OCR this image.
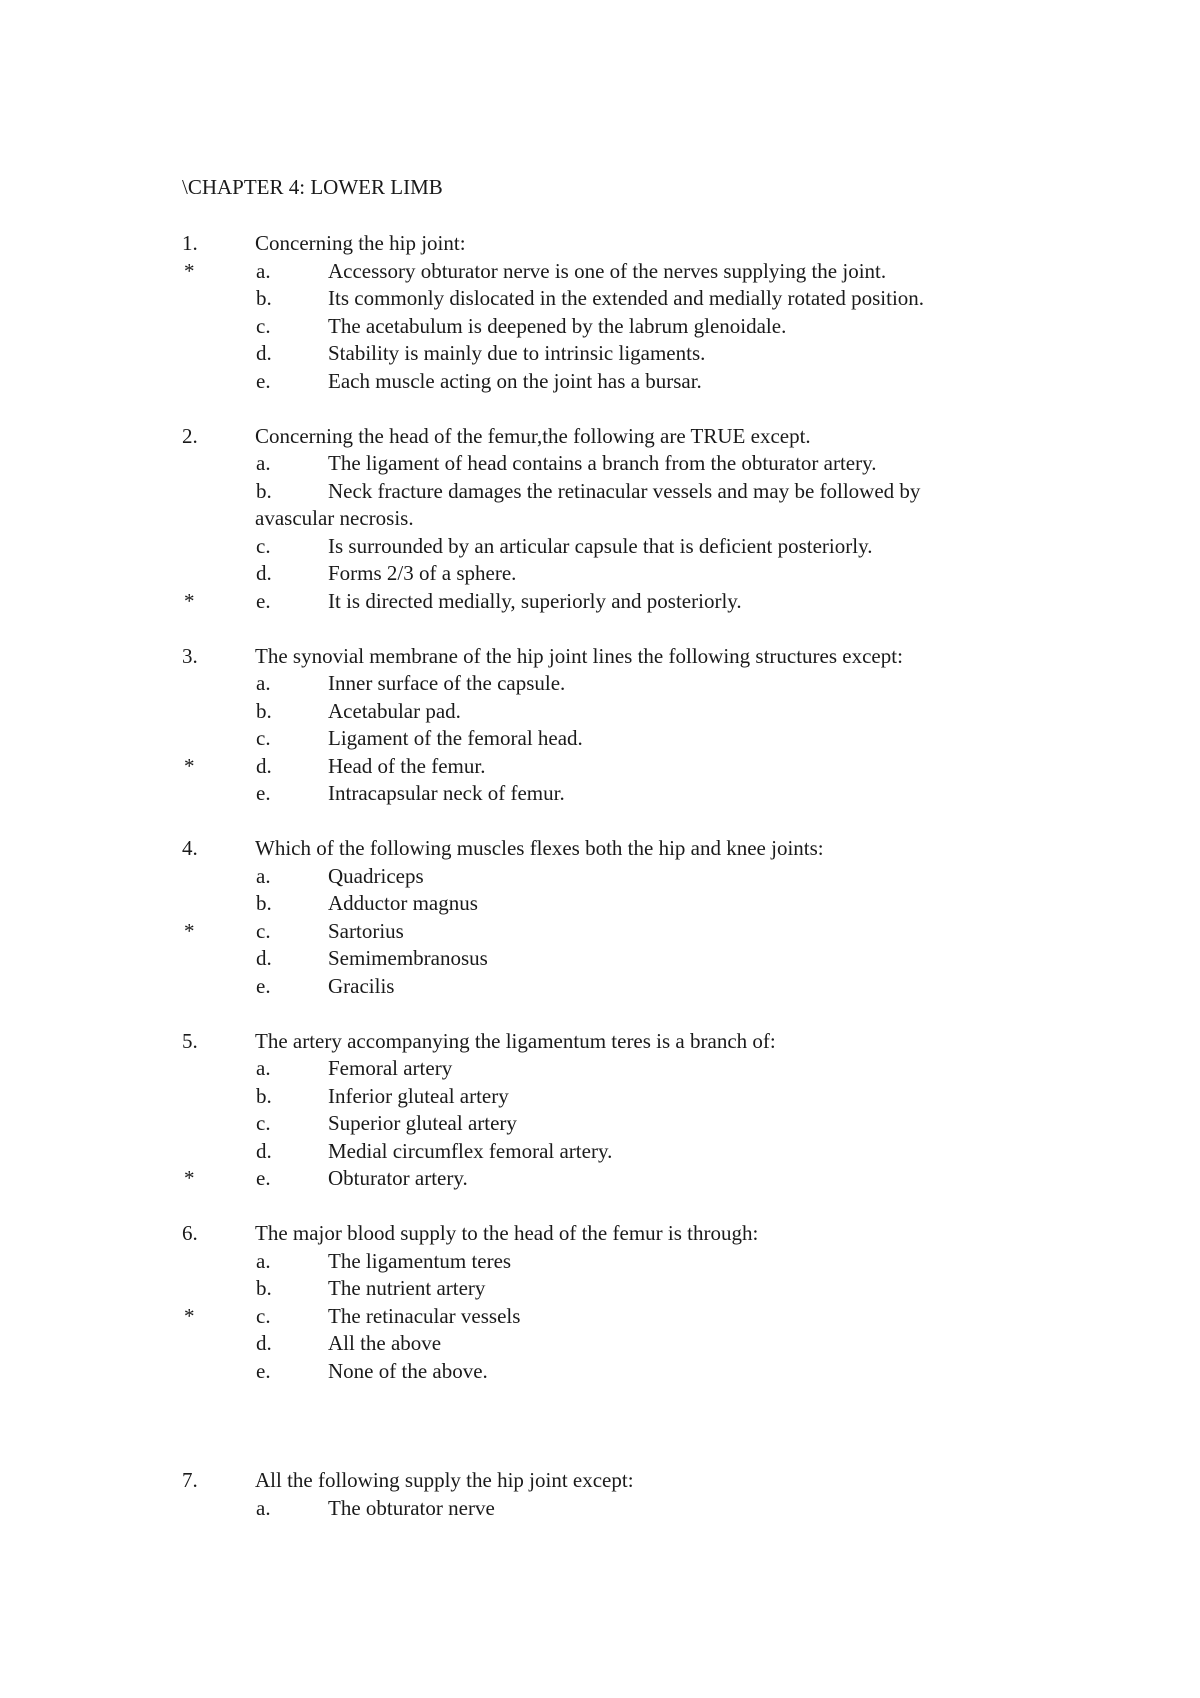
\CHAPTER 4: LOWER LIMB
1.	Concerning the hip joint:
*	a.	Accessory obturator nerve is one of the nerves supplying the joint.
b.	Its commonly dislocated in the extended and medially rotated position.
c.	The acetabulum is deepened by the labrum glenoidale.
d.	Stability is mainly due to intrinsic ligaments.
e.	Each muscle acting on the joint has a bursar.
2.	Concerning the head of the femur,the following are TRUE except.
a.	The ligament of head contains a branch from the obturator artery.
b.	Neck fracture damages the retinacular vessels and may be followed by
avascular necrosis.
c.	Is surrounded by an articular capsule that is deficient posteriorly.
d.	Forms 2/3 of a sphere.
*	e.	It is directed medially, superiorly and posteriorly.
3.	The synovial membrane of the hip joint lines the following structures except:
a.	Inner surface of the capsule.
b.	Acetabular pad.
c.	Ligament of the femoral head.
*	d.	Head of the femur.
e.	Intracapsular neck of femur.
4.	Which of the following muscles flexes both the hip and knee joints:
a.	Quadriceps
b.	Adductor magnus
*	c.	Sartorius
d.	Semimembranosus
e.	Gracilis
5.	The artery accompanying the ligamentum teres is a branch of:
a.	Femoral artery
b.	Inferior gluteal artery
c.	Superior gluteal artery
d.	Medial circumflex femoral artery.
*	e.	Obturator artery.
6.	The major blood supply to the head of the femur is through:
a.	The ligamentum teres
b.	The nutrient artery
*	c.	The retinacular vessels
d.	All the above
e.	None of the above.
7.	All the following supply the hip joint except:
a.	The obturator nerve
